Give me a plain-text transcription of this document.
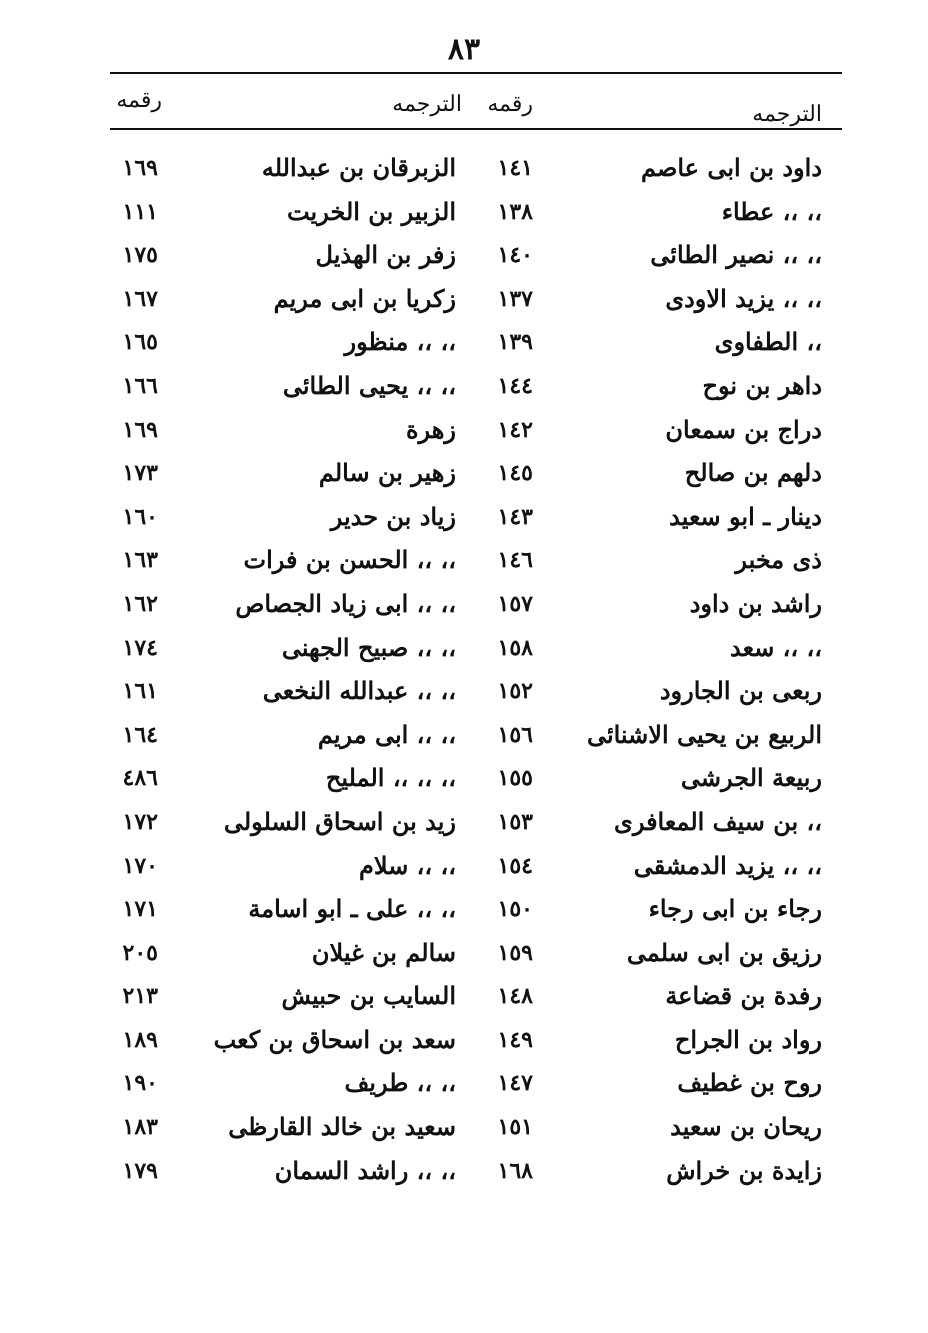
٨٣
الترجمه
رقمه
الترجمه
رقمه
داود بن ابی عاصم
١٤١
الزبرقان بن عبدالله
١٦٩
،، ،، عطاء
١٣٨
الزبیر بن الخریت
١١١
،، ،، نصیر الطائی
١٤٠
زفر بن الهذیل
١٧٥
،، ،، یزید الاودی
١٣٧
زکریا بن ابی مریم
١٦٧
،، الطفاوی
١٣٩
،، ،، منظور
١٦٥
داهر بن نوح
١٤٤
،، ،، یحیی الطائی
١٦٦
دراج بن سمعان
١٤٢
زهرة
١٦٩
دلهم بن صالح
١٤٥
زهیر بن سالم
١٧٣
دینار ـ ابو سعید
١٤٣
زیاد بن حدیر
١٦٠
ذی مخبر
١٤٦
،، ،، الحسن بن فرات
١٦٣
راشد بن داود
١٥٧
،، ،، ابی زیاد الجصاص
١٦٢
،، ،، سعد
١٥٨
،، ،، صبیح الجهنی
١٧٤
ربعی بن الجارود
١٥٢
،، ،، عبدالله النخعی
١٦١
الربیع بن یحیی الاشنائی
١٥٦
،، ،، ابی مریم
١٦٤
ربیعة الجرشی
١٥٥
،، ،، ،، الملیح
٤٨٦
،، بن سیف المعافری
١٥٣
زید بن اسحاق السلولی
١٧٢
،، ،، یزید الدمشقی
١٥٤
،، ،، سلام
١٧٠
رجاء بن ابی رجاء
١٥٠
،، ،، علی ـ ابو اسامة
١٧١
رزیق بن ابی سلمی
١٥٩
سالم بن غیلان
٢٠٥
رفدة بن قضاعة
١٤٨
السایب بن حبیش
٢١٣
رواد بن الجراح
١٤٩
سعد بن اسحاق بن کعب
١٨٩
روح بن غطیف
١٤٧
،، ،، طریف
١٩٠
ریحان بن سعید
١٥١
سعید بن خالد القارظی
١٨٣
زایدة بن خراش
١٦٨
،، ،، راشد السمان
١٧٩
